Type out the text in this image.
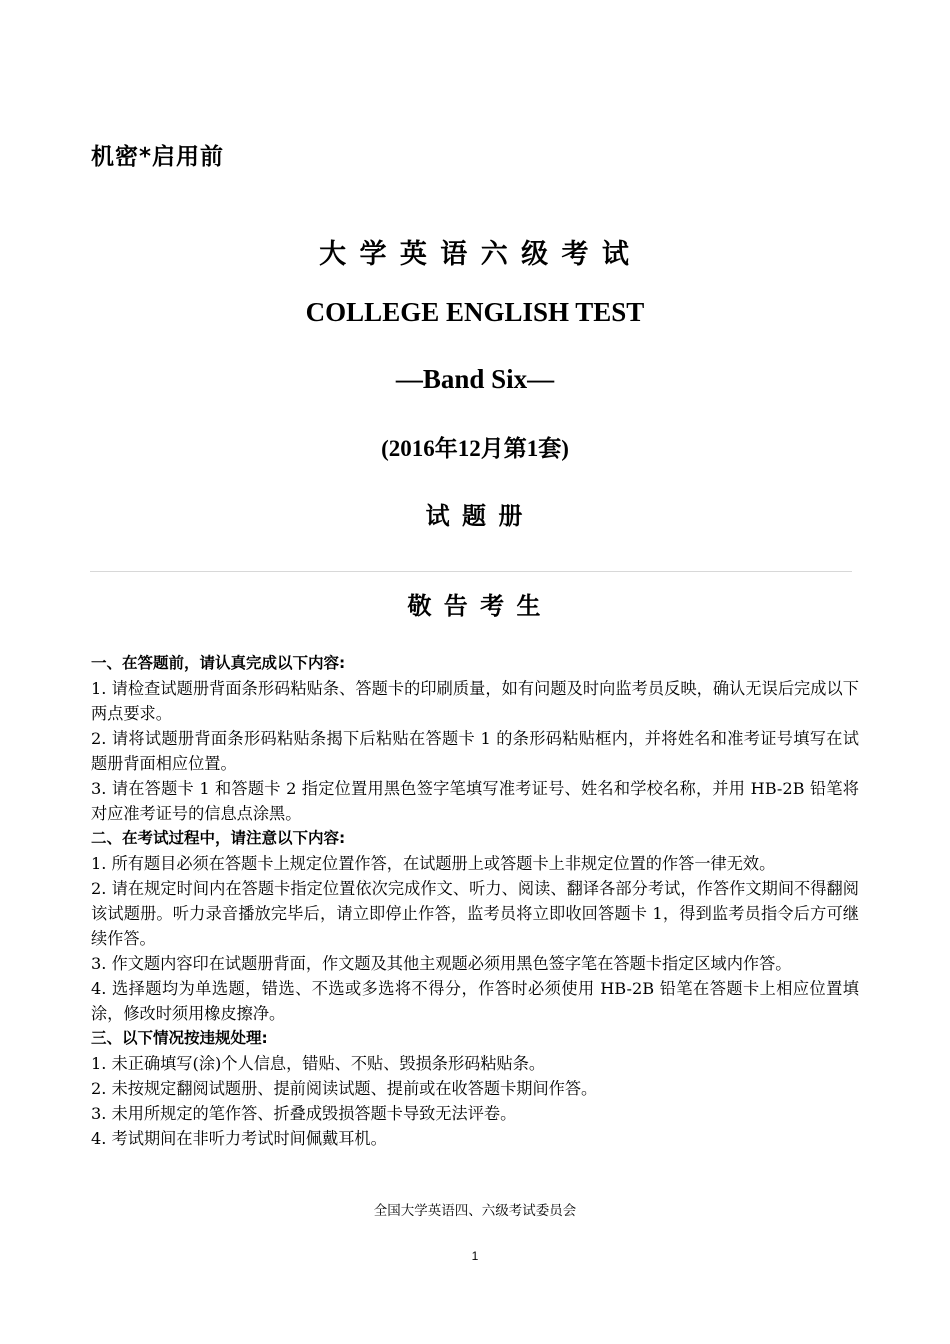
机密*启用前
大 学 英 语 六 级 考 试
COLLEGE ENGLISH TEST
—Band Six—
(2016年12月第1套)
试 题 册
敬 告 考 生
一、在答题前，请认真完成以下内容:
1. 请检查试题册背面条形码粘贴条、答题卡的印刷质量，如有问题及时向监考员反映，确认无误后完成以下两点要求。
2. 请将试题册背面条形码粘贴条揭下后粘贴在答题卡 1 的条形码粘贴框内，并将姓名和准考证号填写在试题册背面相应位置。
3. 请在答题卡 1 和答题卡 2 指定位置用黑色签字笔填写准考证号、姓名和学校名称，并用 HB-2B 铅笔将对应准考证号的信息点涂黑。
二、在考试过程中，请注意以下内容:
1. 所有题目必须在答题卡上规定位置作答，在试题册上或答题卡上非规定位置的作答一律无效。
2. 请在规定时间内在答题卡指定位置依次完成作文、听力、阅读、翻译各部分考试，作答作文期间不得翻阅该试题册。听力录音播放完毕后，请立即停止作答，监考员将立即收回答题卡 1，得到监考员指令后方可继续作答。
3. 作文题内容印在试题册背面，作文题及其他主观题必须用黑色签字笔在答题卡指定区域内作答。
4. 选择题均为单选题，错选、不选或多选将不得分，作答时必须使用 HB-2B 铅笔在答题卡上相应位置填涂，修改时须用橡皮擦净。
三、以下情况按违规处理:
1. 未正确填写(涂)个人信息，错贴、不贴、毁损条形码粘贴条。
2. 未按规定翻阅试题册、提前阅读试题、提前或在收答题卡期间作答。
3. 未用所规定的笔作答、折叠成毁损答题卡导致无法评卷。
4. 考试期间在非听力考试时间佩戴耳机。
全国大学英语四、六级考试委员会
1
